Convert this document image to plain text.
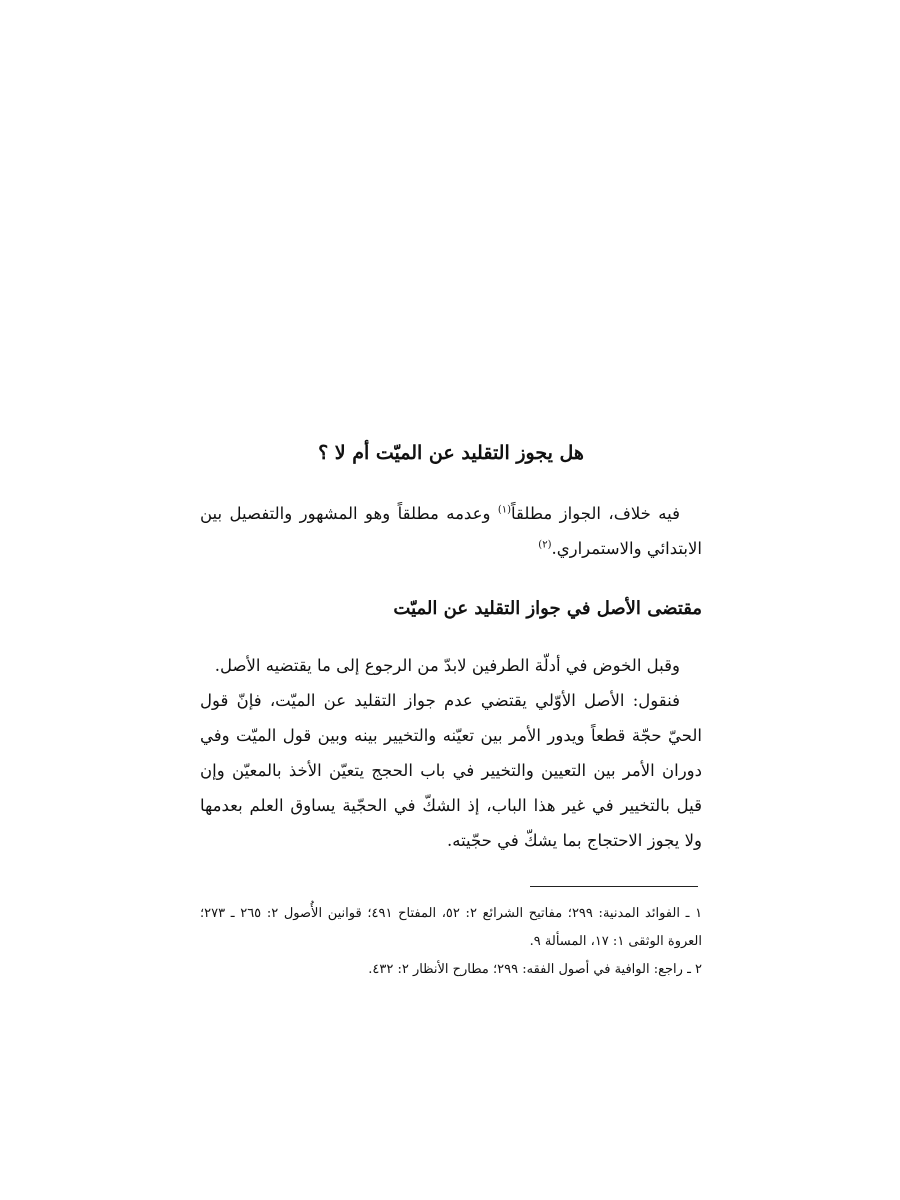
هل يجوز التقليد عن الميّت أم لا ؟

فيه خلاف، الجواز مطلقاً$^{(١)}$ وعدمه مطلقاً وهو المشهور والتفصيل بين الابتدائي والاستمراري.$^{(٢)}$

مقتضى الأصل في جواز التقليد عن الميّت

وقبل الخوض في أدلّة الطرفين لابدّ من الرجوع إلى ما يقتضيه الأصل.

فنقول: الأصل الأوّلي يقتضي عدم جواز التقليد عن الميّت، فإنّ قول الحيّ حجّة قطعاً ويدور الأمر بين تعيّنه والتخيير بينه وبين قول الميّت وفي دوران الأمر بين التعيين والتخيير في باب الحجج يتعيّن الأخذ بالمعيّن وإن قيل بالتخيير في غير هذا الباب، إذ الشكّ في الحجّية يساوق العلم بعدمها ولا يجوز الاحتجاج بما يشكّ في حجّيته.

١ ـ الفوائد المدنية: ٢٩٩؛ مفاتيح الشرائع ٢: ٥٢، المفتاح ٤٩١؛ قوانين الأُصول ٢: ٢٦٥ ـ ٢٧٣؛ العروة الوثقى ١: ١٧، المسألة ٩.

٢ ـ راجع: الوافية في أصول الفقه: ٢٩٩؛ مطارح الأنظار ٢: ٤٣٢.
